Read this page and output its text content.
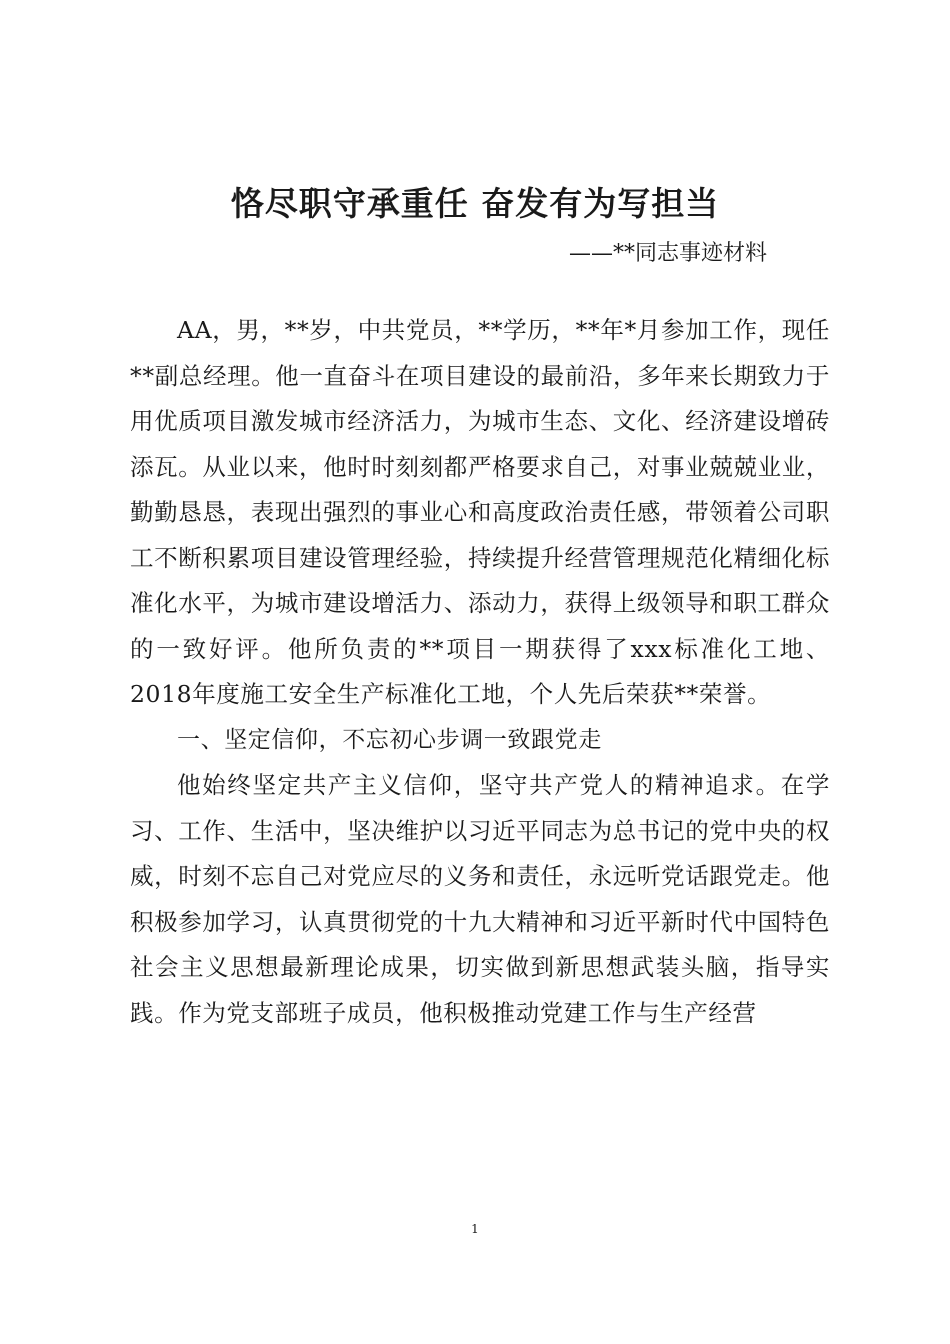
恪尽职守承重任 奋发有为写担当

——**同志事迹材料

AA，男，**岁，中共党员，**学历，**年*月参加工作，现任**副总经理。他一直奋斗在项目建设的最前沿，多年来长期致力于用优质项目激发城市经济活力，为城市生态、文化、经济建设增砖添瓦。从业以来，他时时刻刻都严格要求自己，对事业兢兢业业，勤勤恳恳，表现出强烈的事业心和高度政治责任感，带领着公司职工不断积累项目建设管理经验，持续提升经营管理规范化精细化标准化水平，为城市建设增活力、添动力，获得上级领导和职工群众的一致好评。他所负责的**项目一期获得了xxx标准化工地、2018年度施工安全生产标准化工地，个人先后荣获**荣誉。

一、坚定信仰，不忘初心步调一致跟党走

他始终坚定共产主义信仰，坚守共产党人的精神追求。在学习、工作、生活中，坚决维护以习近平同志为总书记的党中央的权威，时刻不忘自己对党应尽的义务和责任，永远听党话跟党走。他积极参加学习，认真贯彻党的十九大精神和习近平新时代中国特色社会主义思想最新理论成果，切实做到新思想武装头脑，指导实践。作为党支部班子成员，他积极推动党建工作与生产经营

1
